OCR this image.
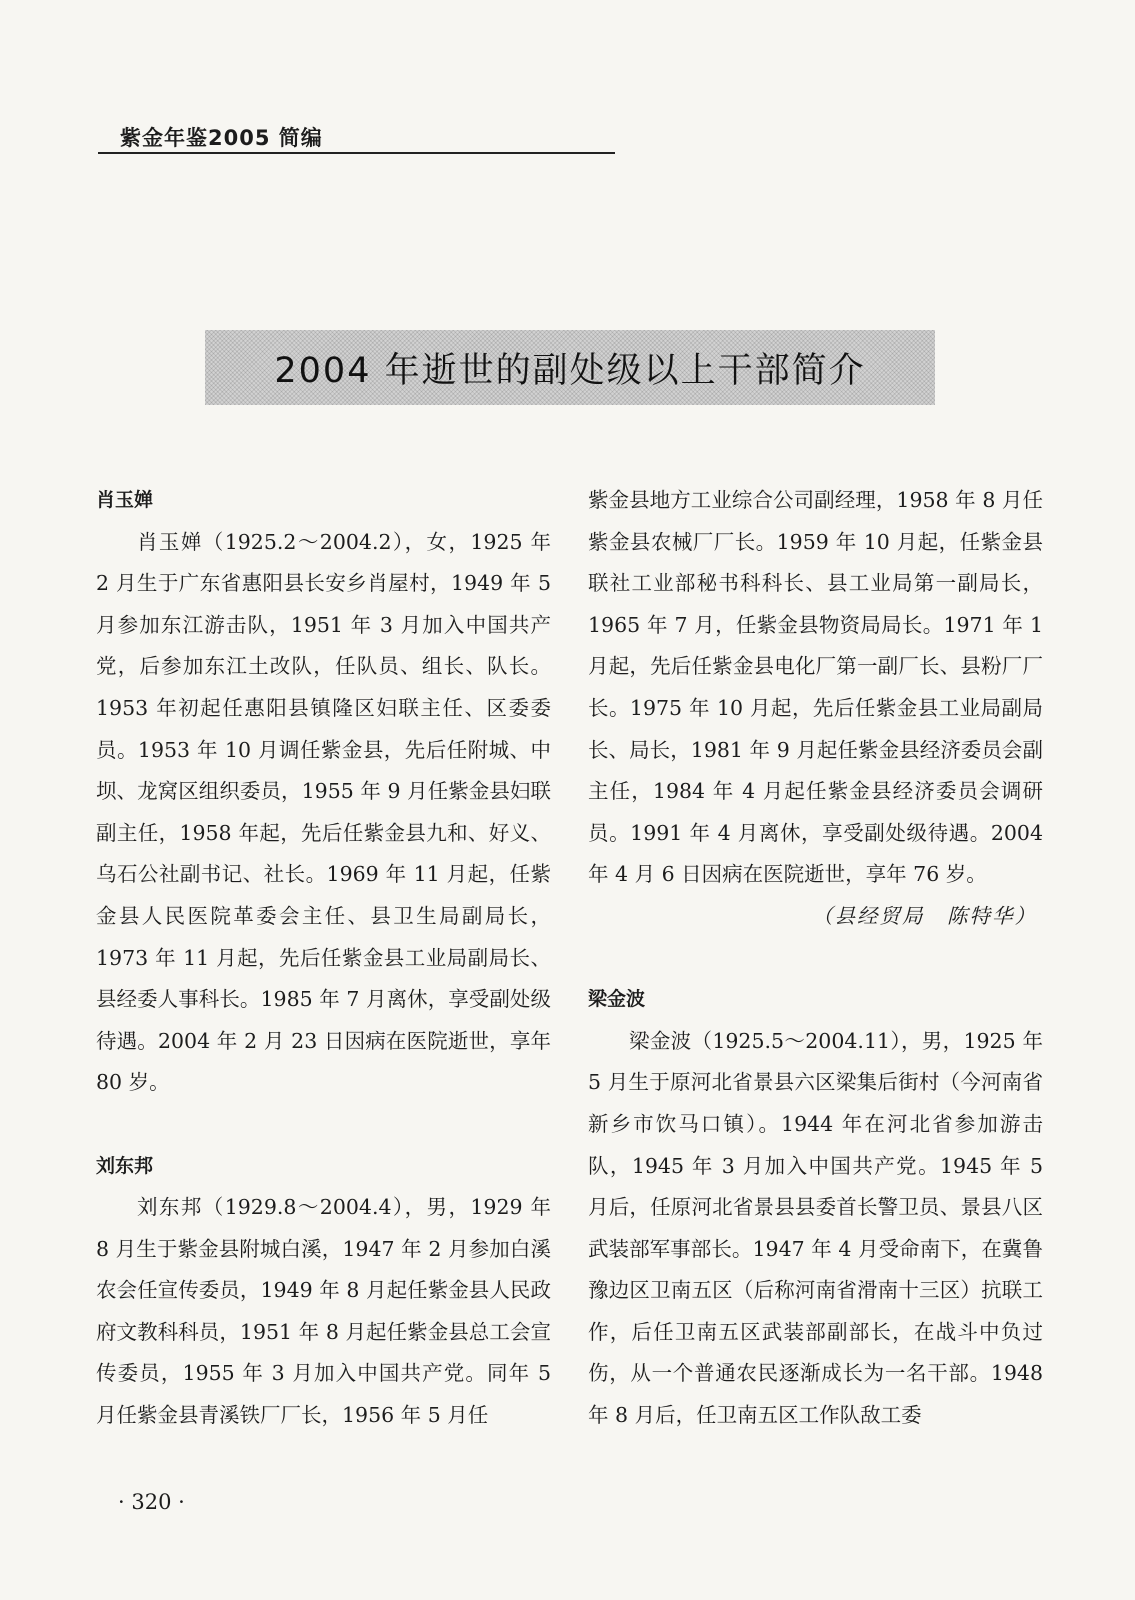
紫金年鉴2005 简编
2004 年逝世的副处级以上干部简介

肖玉婵

肖玉婵（1925.2～2004.2），女，1925 年 2 月生于广东省惠阳县长安乡肖屋村，1949 年 5 月参加东江游击队，1951 年 3 月加入中国共产党，后参加东江土改队，任队员、组长、队长。1953 年初起任惠阳县镇隆区妇联主任、区委委员。1953 年 10 月调任紫金县，先后任附城、中坝、龙窝区组织委员，1955 年 9 月任紫金县妇联副主任，1958 年起，先后任紫金县九和、好义、乌石公社副书记、社长。1969 年 11 月起，任紫金县人民医院革委会主任、县卫生局副局长，1973 年 11 月起，先后任紫金县工业局副局长、县经委人事科长。1985 年 7 月离休，享受副处级待遇。2004 年 2 月 23 日因病在医院逝世，享年 80 岁。

刘东邦

刘东邦（1929.8～2004.4），男，1929 年 8 月生于紫金县附城白溪，1947 年 2 月参加白溪农会任宣传委员，1949 年 8 月起任紫金县人民政府文教科科员，1951 年 8 月起任紫金县总工会宣传委员，1955 年 3 月加入中国共产党。同年 5 月任紫金县青溪铁厂厂长，1956 年 5 月任

紫金县地方工业综合公司副经理，1958 年 8 月任紫金县农械厂厂长。1959 年 10 月起，任紫金县联社工业部秘书科科长、县工业局第一副局长，1965 年 7 月，任紫金县物资局局长。1971 年 1 月起，先后任紫金县电化厂第一副厂长、县粉厂厂长。1975 年 10 月起，先后任紫金县工业局副局长、局长，1981 年 9 月起任紫金县经济委员会副主任，1984 年 4 月起任紫金县经济委员会调研员。1991 年 4 月离休，享受副处级待遇。2004 年 4 月 6 日因病在医院逝世，享年 76 岁。

（县经贸局　陈特华）

梁金波

梁金波（1925.5～2004.11），男，1925 年 5 月生于原河北省景县六区梁集后街村（今河南省新乡市饮马口镇）。1944 年在河北省参加游击队，1945 年 3 月加入中国共产党。1945 年 5 月后，任原河北省景县县委首长警卫员、景县八区武装部军事部长。1947 年 4 月受命南下，在冀鲁豫边区卫南五区（后称河南省滑南十三区）抗联工作，后任卫南五区武装部副部长，在战斗中负过伤，从一个普通农民逐渐成长为一名干部。1948 年 8 月后，任卫南五区工作队敌工委

· 320 ·
